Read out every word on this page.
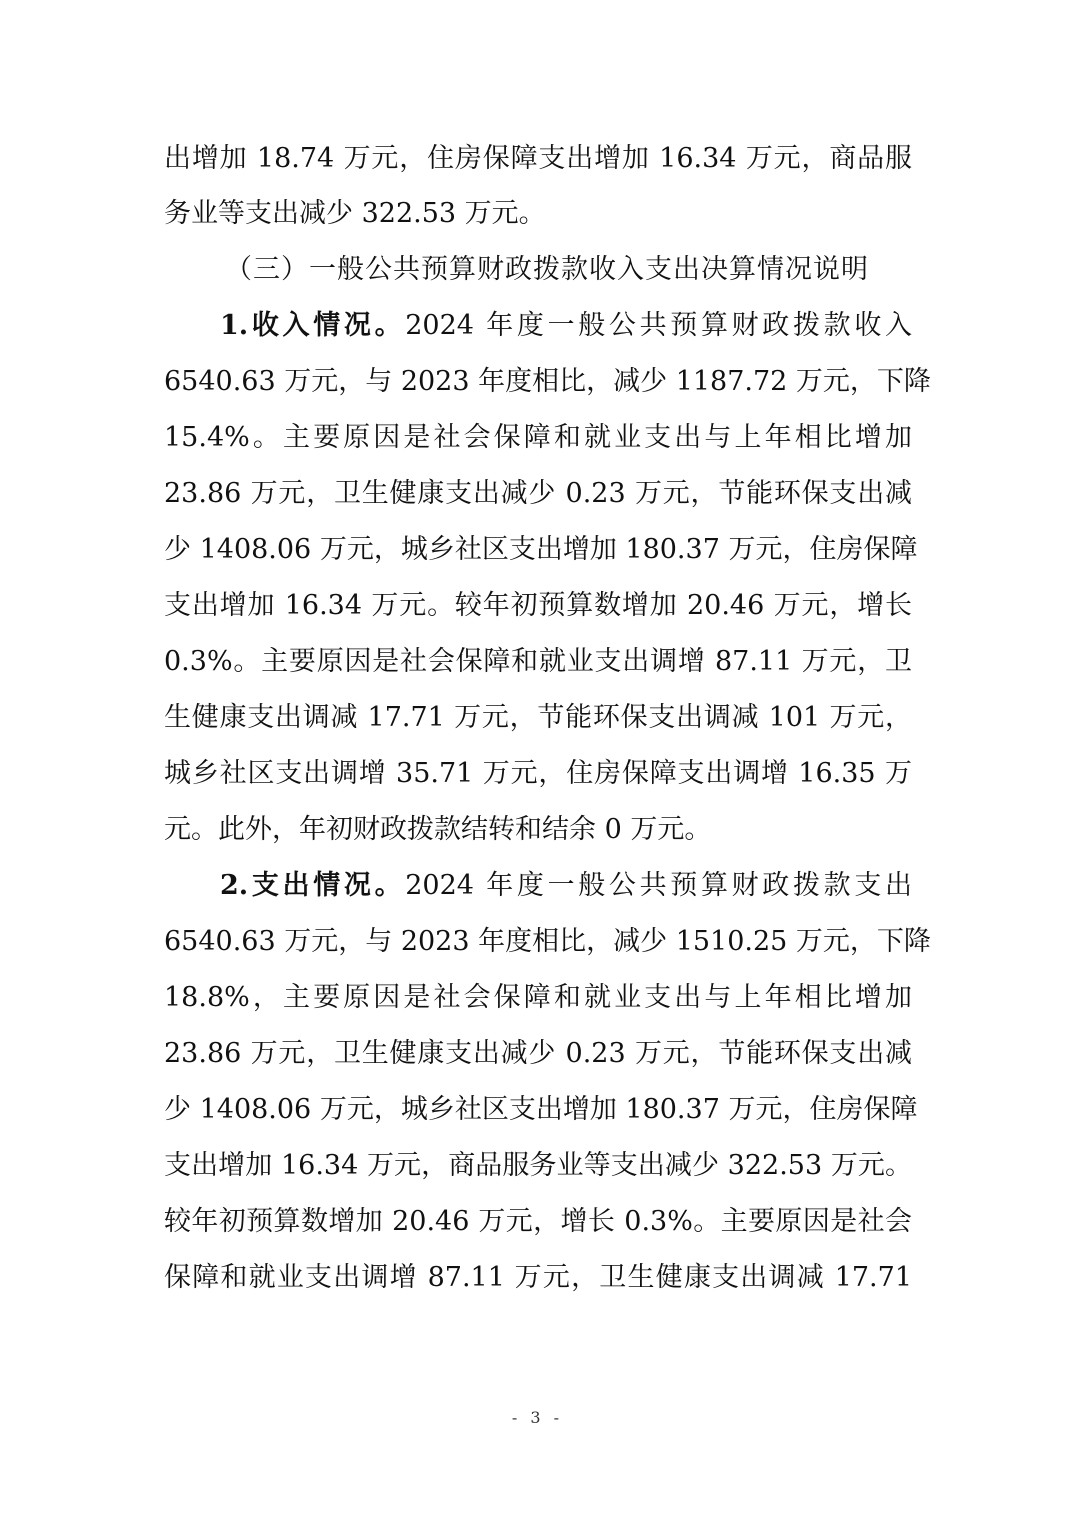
出增加 18.74 万元，住房保障支出增加 16.34 万元，商品服
务业等支出减少 322.53 万元。
（三）一般公共预算财政拨款收入支出决算情况说明
1.收入情况。2024 年度一般公共预算财政拨款收入
6540.63 万元，与 2023 年度相比，减少 1187.72 万元，下降
15.4%。主要原因是社会保障和就业支出与上年相比增加
23.86 万元，卫生健康支出减少 0.23 万元，节能环保支出减
少 1408.06 万元，城乡社区支出增加 180.37 万元，住房保障
支出增加 16.34 万元。较年初预算数增加 20.46 万元，增长
0.3%。主要原因是社会保障和就业支出调增 87.11 万元，卫
生健康支出调减 17.71 万元，节能环保支出调减 101 万元，
城乡社区支出调增 35.71 万元，住房保障支出调增 16.35 万
元。此外，年初财政拨款结转和结余 0 万元。
2.支出情况。2024 年度一般公共预算财政拨款支出
6540.63 万元，与 2023 年度相比，减少 1510.25 万元，下降
18.8%，主要原因是社会保障和就业支出与上年相比增加
23.86 万元，卫生健康支出减少 0.23 万元，节能环保支出减
少 1408.06 万元，城乡社区支出增加 180.37 万元，住房保障
支出增加 16.34 万元，商品服务业等支出减少 322.53 万元。
较年初预算数增加 20.46 万元，增长 0.3%。主要原因是社会
保障和就业支出调增 87.11 万元，卫生健康支出调减 17.71
- 3 -
